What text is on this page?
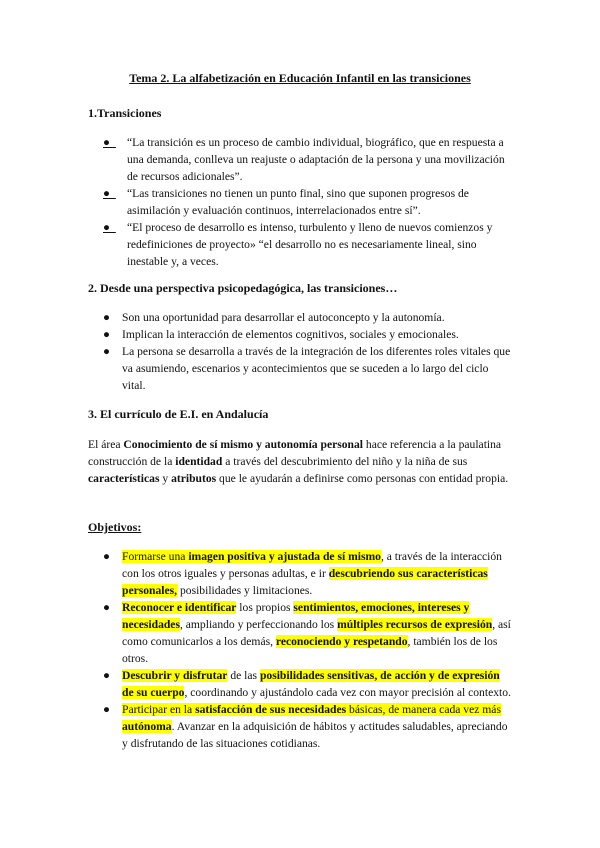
Tema 2. La alfabetización en Educación Infantil en las transiciones
1.Transiciones
●	“La transición es un proceso de cambio individual, biográfico, que en respuesta a una demanda, conlleva un reajuste o adaptación de la persona y una movilización de recursos adicionales”.
●	“Las transiciones no tienen un punto final, sino que suponen progresos de asimilación y evaluación continuos, interrelacionados entre sí”.
●	“El proceso de desarrollo es intenso, turbulento y lleno de nuevos comienzos y redefiniciones de proyecto» “el desarrollo no es necesariamente lineal, sino inestable y, a veces.
2. Desde una perspectiva psicopedagógica, las transiciones…
● Son una oportunidad para desarrollar el autoconcepto y la autonomía.
● Implican la interacción de elementos cognitivos, sociales y emocionales.
● La persona se desarrolla a través de la integración de los diferentes roles vitales que va asumiendo, escenarios y acontecimientos que se suceden a lo largo del ciclo vital.
3. El currículo de E.I. en Andalucía

El área Conocimiento de sí mismo y autonomía personal hace referencia a la paulatina construcción de la identidad a través del descubrimiento del niño y la niña de sus características y atributos que le ayudarán a definirse como personas con entidad propia.

Objetivos:
● Formarse una imagen positiva y ajustada de sí mismo, a través de la interacción con los otros iguales y personas adultas, e ir descubriendo sus características personales, posibilidades y limitaciones.
● Reconocer e identificar los propios sentimientos, emociones, intereses y necesidades, ampliando y perfeccionando los múltiples recursos de expresión, así como comunicarlos a los demás, reconociendo y respetando, también los de los otros.
● Descubrir y disfrutar de las posibilidades sensitivas, de acción y de expresión de su cuerpo, coordinando y ajustándolo cada vez con mayor precisión al contexto.
● Participar en la satisfacción de sus necesidades básicas, de manera cada vez más autónoma. Avanzar en la adquisición de hábitos y actitudes saludables, apreciando y disfrutando de las situaciones cotidianas.
